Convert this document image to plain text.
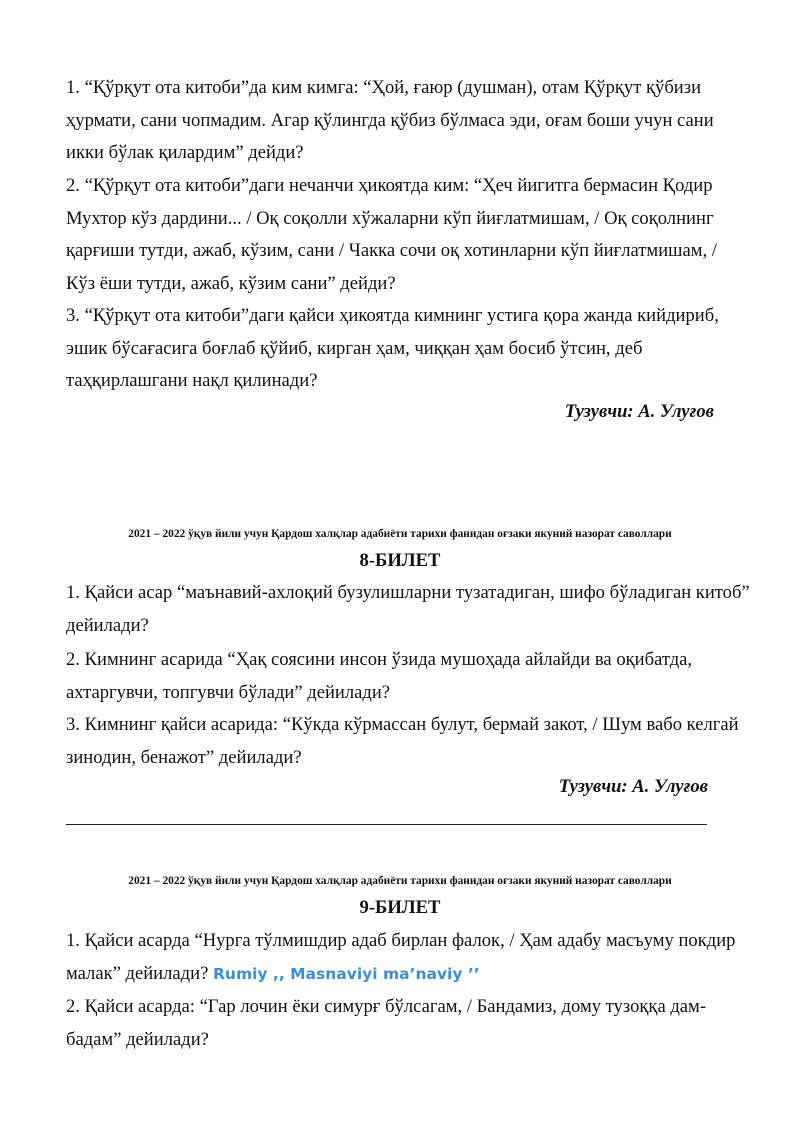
1. “Қўрқут ота китоби”да ким кимга: “Ҳой, ғаюр (душман), отам Қўрқут қўбизи ҳурмати, сани чопмадим. Агар қўлингда қўбиз бўлмаса эди, оғам боши учун сани икки бўлак қилардим” дейди?

2. “Қўрқут ота китоби”даги нечанчи ҳикоятда ким: “Ҳеч йигитга бермасин Қодир Мухтор кўз дардини... / Оқ соқолли хўжаларни кўп йиғлатмишам, / Оқ соқолнинг қарғиши тутди, ажаб, кўзим, сани / Чакка сочи оқ хотинларни кўп йиғлатмишам, / Кўз ёши тутди, ажаб, кўзим сани” дейди?

3. “Қўрқут ота китоби”даги қайси ҳикоятда кимнинг устига қора жанда кийдириб, эшик бўсағасига боғлаб қўйиб, кирган ҳам, чиққан ҳам босиб ўтсин, деб таҳқирлашгани нақл қилинади?

Тузувчи: А. Улуғов
2021 – 2022 ўқув йили учун Қардош халқлар адабиёти тарихи фанидан оғзаки якуний назорат саволлари
8-БИЛЕТ

1. Қайси асар “маънавий-ахлоқий бузулишларни тузатадиган, шифо бўладиган китоб” дейилади?

2. Кимнинг асарида “Ҳақ соясини инсон ўзида мушоҳада айлайди ва оқибатда, ахтаргувчи, топгувчи бўлади” дейилади?

3. Кимнинг қайси асарида: “Кўкда кўрмассан булут, бермай закот, / Шум вабо келгай зинодин, бенажот” дейилади?

Тузувчи: А. Улуғов
2021 – 2022 ўқув йили учун Қардош халқлар адабиёти тарихи фанидан оғзаки якуний назорат саволлари
9-БИЛЕТ

1. Қайси асарда “Нурга тўлмишдир адаб бирлан фалок, / Ҳам адабу масъуму покдир малак” дейилади? Rumiy ,, Masnaviyi ma’naviy ’’

2. Қайси асарда: “Гар лочин ёки симурғ бўлсагам, / Бандамиз, дому тузоққа дам-бадам” дейилади?
